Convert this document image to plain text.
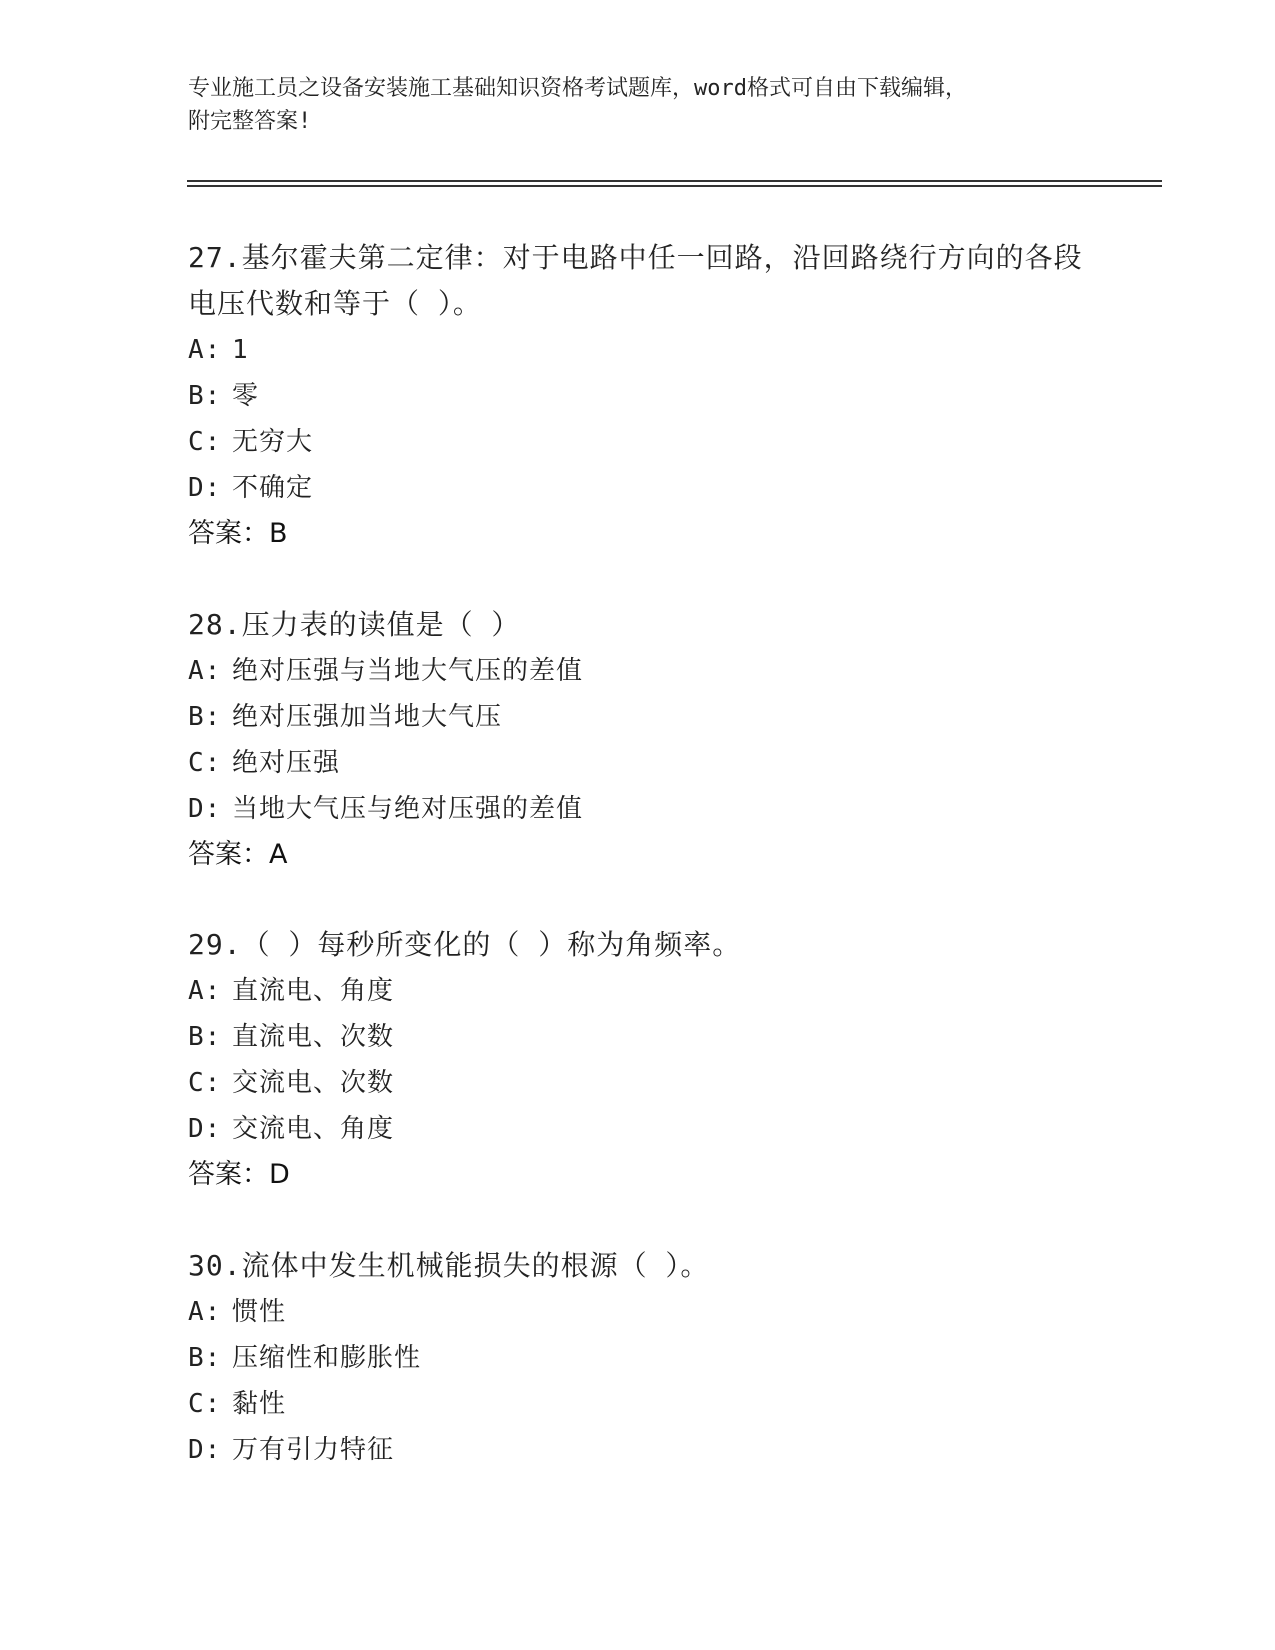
专业施工员之设备安装施工基础知识资格考试题库，word格式可自由下载编辑，
附完整答案!
27.基尔霍夫第二定律：对于电路中任一回路，沿回路绕行方向的各段
电压代数和等于（ ）。
A: 1
B: 零
C: 无穷大
D: 不确定
答案：B
28.压力表的读值是（ ）
A: 绝对压强与当地大气压的差值
B: 绝对压强加当地大气压
C: 绝对压强
D: 当地大气压与绝对压强的差值
答案：A
29.（ ）每秒所变化的（ ）称为角频率。
A: 直流电、角度
B: 直流电、次数
C: 交流电、次数
D: 交流电、角度
答案：D
30.流体中发生机械能损失的根源（ ）。
A: 惯性
B: 压缩性和膨胀性
C: 黏性
D: 万有引力特征
